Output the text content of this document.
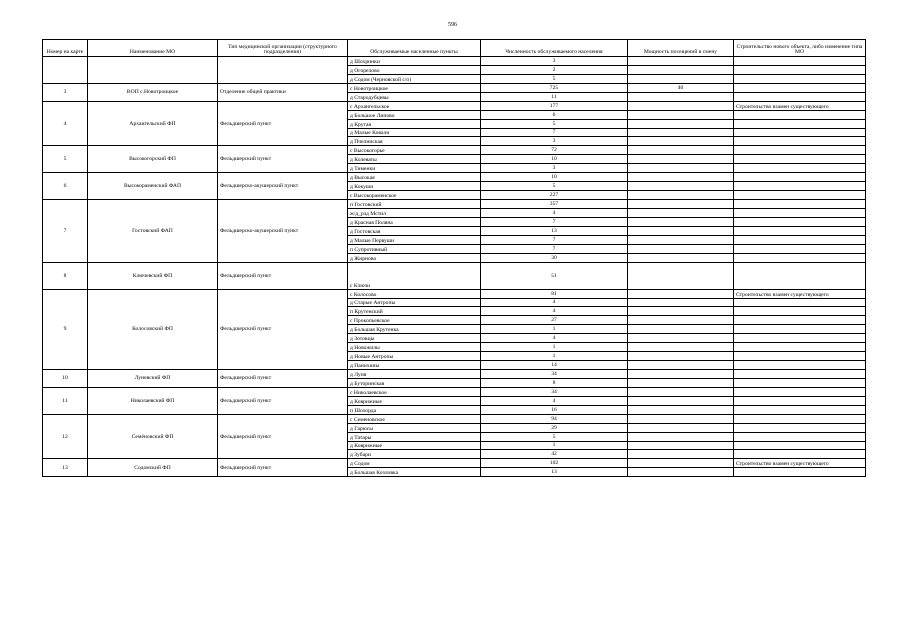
596
Номер на карте	Наименование МО	Тип медицинской организации (структурного подразделения)	Обслуживаемые населенные пункты	Численность обслуживаемого населения	Мощность посещений в смену	Строительство нового объекта, либо изменение типа МО
			д Шохринки	3		
			д Огорелово	2		
			д Содом (Черновской с/о)	5		
3	ВОП с.Новотроицкое	Отделение общей практики	с Новотроицкое	725	40	
			д Стародубцевы	11		
4	Архангельский ФП	Фельдшерский пункт	с Архангельское	177		Строительство взамен существующего
			д Большое Липово	6		
			д Крутая	5		
			д Малые Ковали	7		
			д Пчелинская	3		
5	Высокогорский ФП	Фельдшерский пункт	с Высокогорье	72		
			д Колеваты	10		
			д Тименки	3		
6	Высокораменский ФАП	Фельдшерско-акушерский пункт	д Высокая	10		
			д Кокуши	5		
			с Высокораменское	227		
7	Гостовский ФАП	Фельдшерско-акушерский пункт	п Гостовский	357		
			ж/д_рзд Мстил	4		
			д Красная Поляна	7		
			д Гостовская	13		
			д Малые Первуши	7		
			п Супротивный	7		
			д Жирново	30		
8	Ключевский ФП	Фельдшерский пункт	с Ключи	51		
9	Колосовский ФП	Фельдшерский пункт	с Колосово	81		Строительство взамен существующего
			д Старые Антропы	4		
			п Крутенский	4		
			с Прокопьевское	27		
			д Большая Крутенка	1		
			д Зотовцы	4		
			д Новожилы	1		
			д Новые Антропы	1		
			д Панихины	14		
10	Луневский ФП	Фельдшерский пункт	д Луня	34		
			д Буторинская	8		
11	Николаевский ФП	Фельдшерский пункт	с Николаевское	34		
			д Коврижные	4		
			п Шохорда	16		
12	Семёновский ФП	Фельдшерский пункт	с Семеновское	94		
			д Гарюсы	29		
			д Татары	5		
			д Коврижные	1		
			д Зубари	42		
13	Содомский ФП	Фельдшерский пункт	д Содом	102		Строительство взамен существующего
			д Большая Козловка	13		
